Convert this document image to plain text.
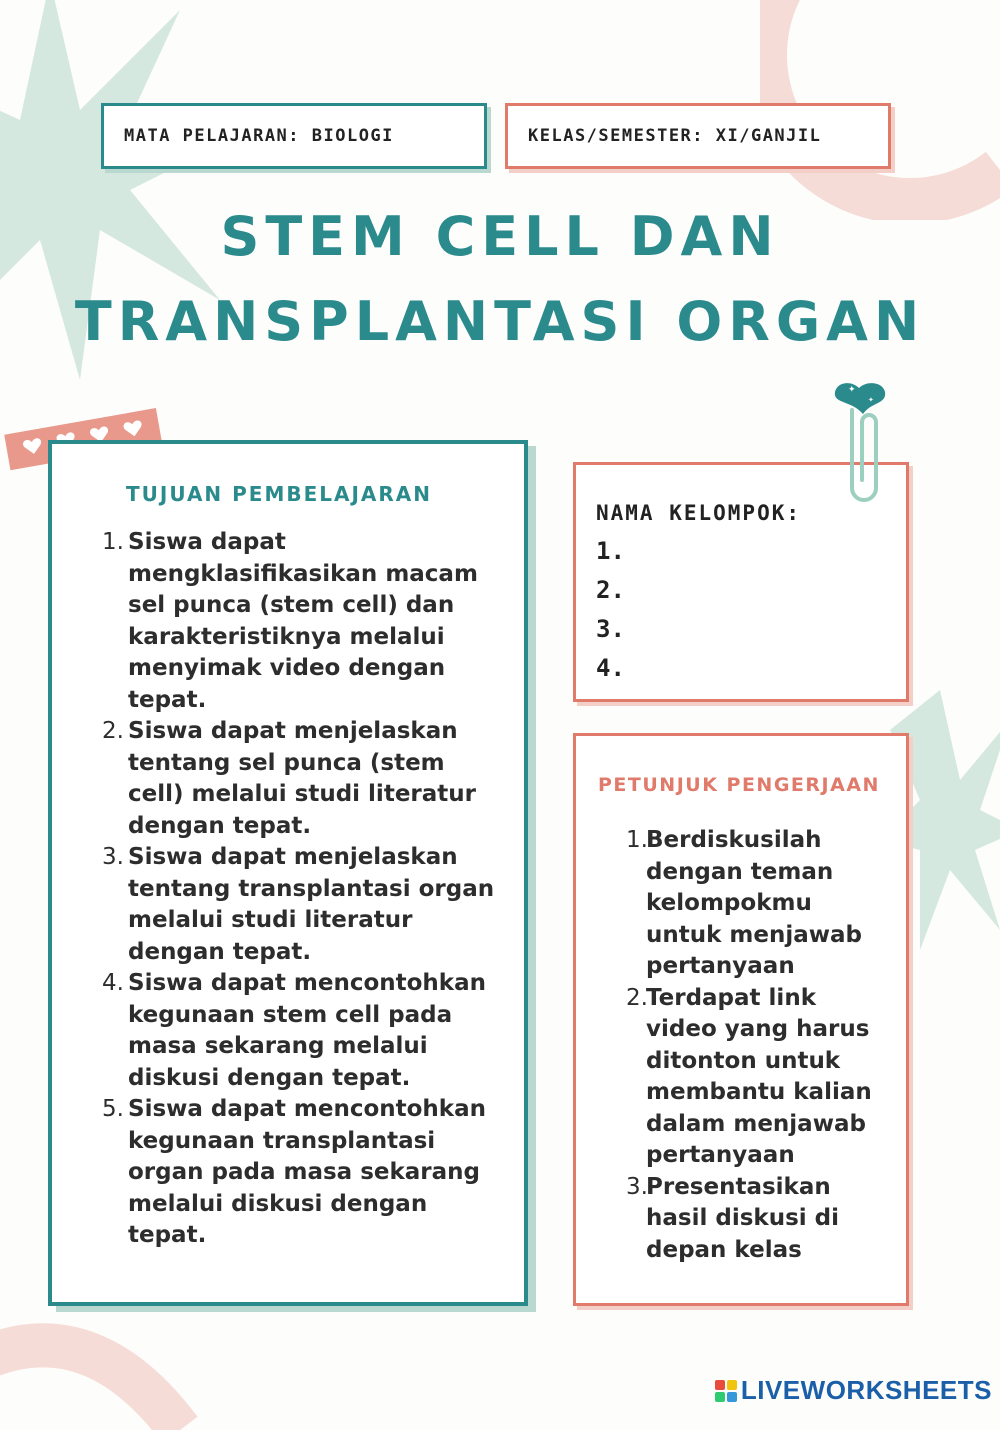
MATA PELAJARAN: BIOLOGI	KELAS/SEMESTER: XI/GANJIL
STEM CELL DAN
TRANSPLANTASI ORGAN
TUJUAN PEMBELAJARAN
1. Siswa dapat mengklasifikasikan macam sel punca (stem cell) dan karakteristiknya melalui menyimak video dengan tepat.
2. Siswa dapat menjelaskan tentang sel punca (stem cell) melalui studi literatur dengan tepat.
3. Siswa dapat menjelaskan tentang transplantasi organ melalui studi literatur dengan tepat.
4. Siswa dapat mencontohkan kegunaan stem cell pada masa sekarang melalui diskusi dengan tepat.
5. Siswa dapat mencontohkan kegunaan transplantasi organ pada masa sekarang melalui diskusi dengan tepat.
NAMA KELOMPOK:
1.
2.
3.
4.
✦
✦
PETUNJUK PENGERJAAN
1.
Berdiskusilah dengan teman kelompokmu untuk menjawab pertanyaan
2.
Terdapat link video yang harus ditonton untuk membantu kalian dalam menjawab pertanyaan
3.
Presentasikan hasil diskusi di depan kelas
LIVEWORKSHEETS
